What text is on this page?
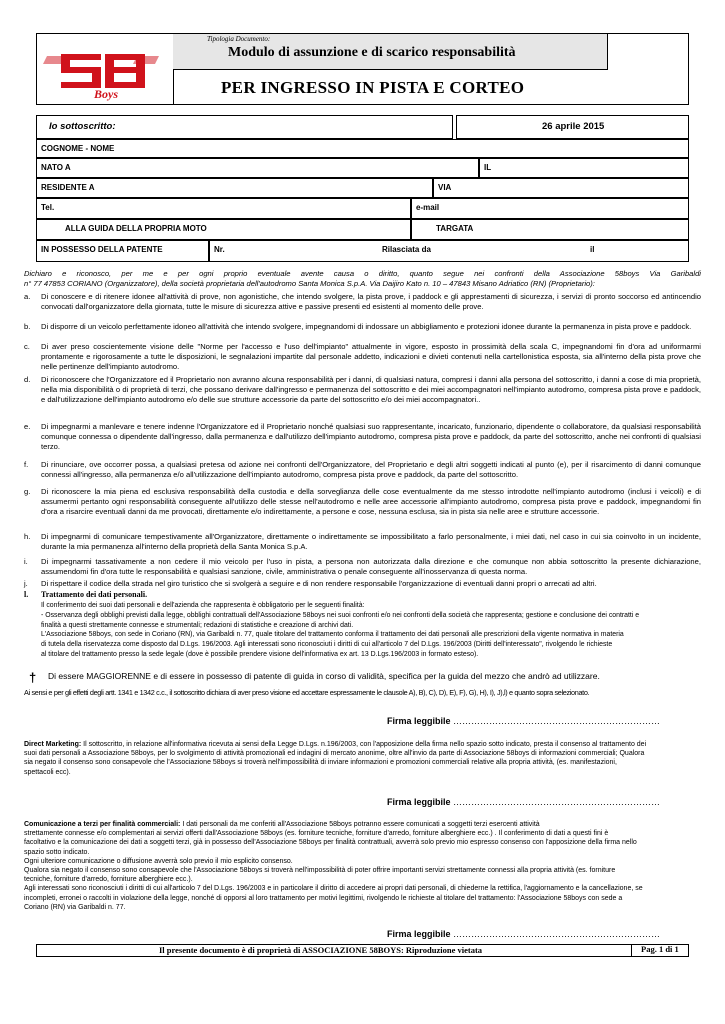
Boys
Tipologia Documento:
Modulo di assunzione e di scarico responsabilità
PER INGRESSO IN PISTA E CORTEO
Io sottoscritto:	26 aprile 2015
COGNOME - NOME
NATO A	IL
RESIDENTE A	VIA
Tel.	e-mail
ALLA GUIDA DELLA PROPRIA MOTO	TARGATA
IN POSSESSO DELLA PATENTE	Nr.	Rilasciata da	il
Dichiaro e riconosco, per me e per ogni proprio eventuale avente causa o diritto, quanto segue nei confronti della Associazione 58boys Via Garibaldi
n° 77 47853 CORIANO (Organizzatore), della società proprietaria dell'autodromo Santa Monica S.p.A. Via Daijiro Kato n. 10 – 47843 Misano Adriatico (RN) (Proprietario):
a. Di conoscere e di ritenere idonee all'attività di prove, non agonistiche, che intendo svolgere, la pista prove, i paddock e gli apprestamenti di sicurezza, i servizi di pronto soccorso ed antincendio convocati dall'organizzatore della giornata, tutte le misure di sicurezza attive e passive presenti ed esistenti al momento delle prove.
b. Di disporre di un veicolo perfettamente idoneo all'attività che intendo svolgere, impegnandomi di indossare un abbigliamento e protezioni idonee durante la permanenza in pista prove e paddock.
c. Di aver preso coscientemente visione delle "Norme per l'accesso e l'uso dell'impianto" attualmente in vigore, esposto in prossimità della scala C, impegnandomi fin d'ora ad uniformarmi prontamente e rigorosamente a tutte le disposizioni, le segnalazioni impartite dal personale addetto, indicazioni e divieti contenuti nella cartellonistica esposta, sia all'interno della pista prove che nelle pertinenze dell'impianto autodromo.
d. Di riconoscere che l'Organizzatore ed il Proprietario non avranno alcuna responsabilità per i danni, di qualsiasi natura, compresi i danni alla persona del sottoscritto, i danni a cose di mia proprietà, nella mia disponibilità o di proprietà di terzi, che possano derivare dall'ingresso e permanenza del sottoscritto e dei miei accompagnatori nell'impianto autodromo, compresa pista prove e paddock, e dall'utilizzazione dell'impianto autodromo e/o delle sue strutture accessorie da parte del sottoscritto e/o dei miei accompagnatori..
e. Di impegnarmi a manlevare e tenere indenne l'Organizzatore ed il Proprietario nonché qualsiasi suo rappresentante, incaricato, funzionario, dipendente o collaboratore, da qualsiasi responsabilità comunque connessa o dipendente dall'ingresso, dalla permanenza e dall'utilizzo dell'impianto autodromo, compresa pista prove e paddock, da parte del sottoscritto, anche nei confronti di qualsiasi terzo.
f. Di rinunciare, ove occorrer possa, a qualsiasi pretesa od azione nei confronti dell'Organizzatore, del Proprietario e degli altri soggetti indicati al punto (e), per il risarcimento di danni comunque connessi all'ingresso, alla permanenza e/o all'utilizzazione dell'impianto autodromo, compresa pista prove e paddock, da parte del sottoscritto.
g. Di riconoscere la mia piena ed esclusiva responsabilità della custodia e della sorveglianza delle cose eventualmente da me stesso introdotte nell'impianto autodromo (inclusi i veicoli) e di assumermi pertanto ogni responsabilità conseguente all'utilizzo delle stesse nell'autodromo e nelle aree accessorie all'impianto autodromo, compresa pista prove e paddock, impegnandomi fin d'ora a risarcire eventuali danni da me provocati, direttamente e/o indirettamente, a persone e cose, nessuna esclusa, sia in pista sia nelle aree e strutture accessorie.
h. Di impegnarmi di comunicare tempestivamente all'Organizzatore, direttamente o indirettamente se impossibilitato a farlo personalmente, i miei dati, nel caso in cui sia coinvolto in un incidente, durante la mia permanenza all'interno della proprietà della Santa Monica S.p.A.
i. Di impegnarmi tassativamente a non cedere il mio veicolo per l'uso in pista, a persona non autorizzata dalla direzione e che comunque non abbia sottoscritto la presente dichiarazione, assumendomi fin d'ora tutte le responsabilità e qualsiasi sanzione, civile, amministrativa o penale conseguente all'inosservanza di questa norma.
j. Di rispettare il codice della strada nel giro turistico che si svolgerà a seguire e di non rendere responsabile l'organizzazione di eventuali danni propri o arrecati ad altri.
l. Trattamento dei dati personali.
Il conferimento dei suoi dati personali e dell'azienda che rappresenta è obbligatorio per le seguenti finalità:
- Osservanza degli obblighi previsti dalla legge, obblighi contrattuali dell'Associazione 58boys nei suoi confronti e/o nei confronti della società che rappresenta; gestione e conclusione dei contratti e
finalità a questi strettamente connesse e strumentali; redazioni di statistiche e creazione di archivi dati.
L'Associazione 58boys, con sede in Coriano (RN), via Garibaldi n. 77, quale titolare del trattamento conforma il trattamento dei dati personali alle prescrizioni della vigente normativa in materia
di tutela della riservatezza come disposto dal D.Lgs. 196/2003. Agli interessati sono riconosciuti i diritti di cui all'articolo 7 del D.Lgs. 196/2003 (Diritti dell'interessato", rivolgendo le richieste
al titolare del trattamento presso la sede legale (dove è possibile prendere visione dell'informativa ex art. 13 D.Lgs.196/2003 in formato esteso).
† Di essere MAGGIORENNE e di essere in possesso di patente di guida in corso di validità, specifica per la guida del mezzo che andrò ad utilizzare.
Ai sensi e per gli effetti degli artt. 1341 e 1342 c.c., il sottoscritto dichiara di aver preso visione ed accettare espressamente le clausole A), B), C), D), E), F), G), H), I), J),l) e quanto sopra selezionato.
Firma leggibile ……………………………………………………………
Direct Marketing: Il sottoscritto, in relazione all'informativa ricevuta ai sensi della Legge D.Lgs. n.196/2003, con l'apposizione della firma nello spazio sotto indicato, presta il consenso al trattamento dei
suoi dati personali a Associazione 58boys, per lo svolgimento di attività promozionali ed indagini di mercato anonime, oltre all'invio da parte di Associazione 58boys di informazioni commerciali; Qualora
sia negato il consenso sono consapevole che l'Associazione 58boys si troverà nell'impossibilità di inviare informazioni e promozioni commerciali relative alla propria attività, (es. manifestazioni,
spettacoli ecc).
Firma leggibile ……………………………………………………………
Comunicazione a terzi per finalità commerciali: I dati personali da me conferiti all'Associazione 58boys potranno essere comunicati a soggetti terzi esercenti attività
strettamente connesse e/o complementari ai servizi offerti dall'Associazione 58boys (es. forniture tecniche, forniture d'arredo, forniture alberghiere ecc.) . Il conferimento di dati a questi fini è
facoltativo e la comunicazione dei dati a soggetti terzi, già in possesso dell'Associazione 58boys per finalità contrattuali, avverrà solo previo mio espresso consenso con l'apposizione della firma nello
spazio sotto indicato.
Ogni ulteriore comunicazione o diffusione avverrà solo previo il mio esplicito consenso.
Qualora sia negato il consenso sono consapevole che l'Associazione 58boys si troverà nell'impossibilità di poter offrire importanti servizi strettamente connessi alla propria attività (es. forniture
tecniche, forniture d'arredo, forniture alberghiere ecc.).
Agli interessati sono riconosciuti i diritti di cui all'articolo 7 del D.Lgs. 196/2003 e in particolare il diritto di accedere ai propri dati personali, di chiederne la rettifica, l'aggiornamento e la cancellazione, se
incompleti, erronei o raccolti in violazione della legge, nonché di opporsi al loro trattamento per motivi legittimi, rivolgendo le richieste al titolare del trattamento: l'Associazione 58boys con sede a
Coriano (RN) via Garibaldi n. 77.
Firma leggibile ……………………………………………………………
Il presente documento è di proprietà di ASSOCIAZIONE 58BOYS: Riproduzione vietata	Pag. 1 di 1
